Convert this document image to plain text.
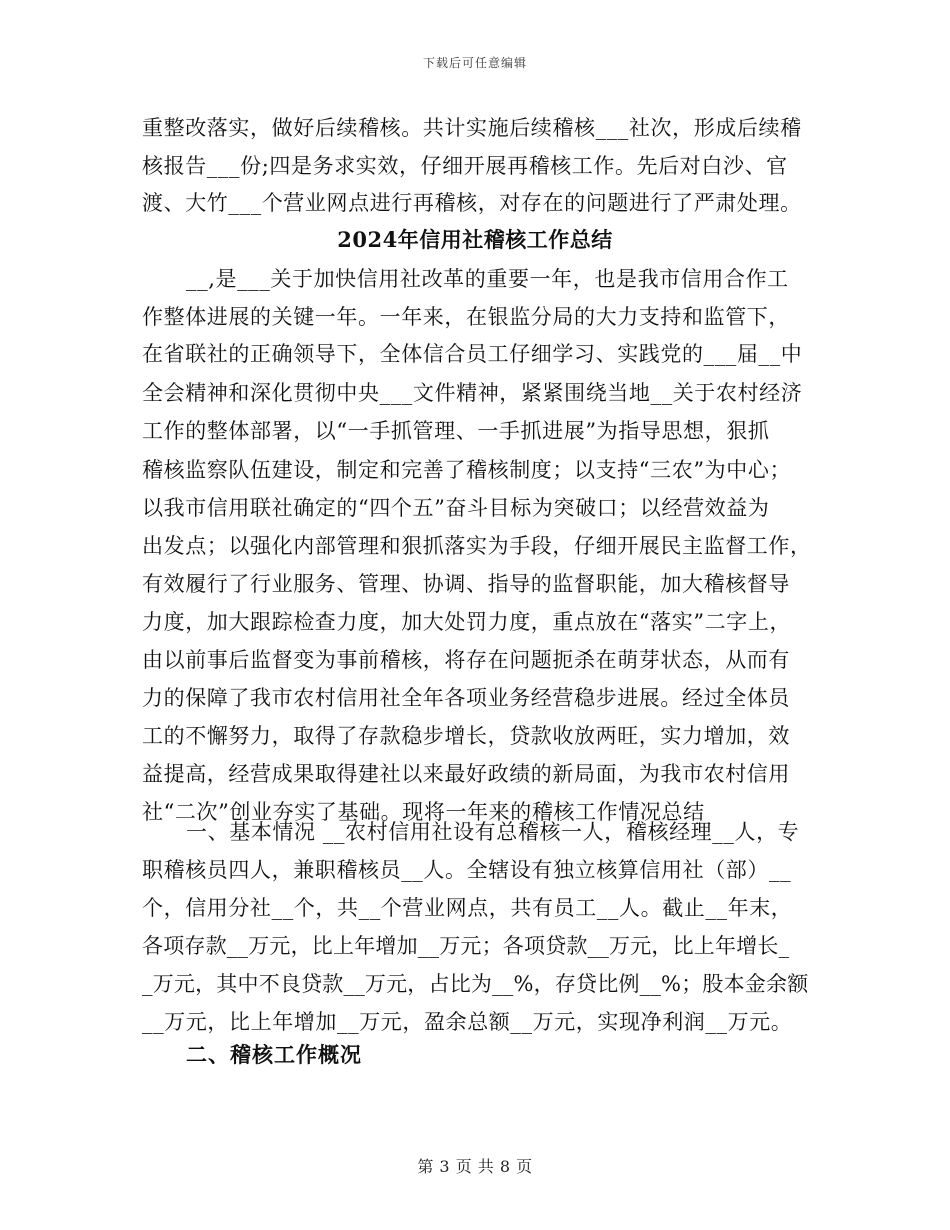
下载后可任意编辑
重整改落实，做好后续稽核。共计实施后续稽核___社次，形成后续稽
核报告___份;四是务求实效，仔细开展再稽核工作。先后对白沙、官
渡、大竹___个营业网点进行再稽核，对存在的问题进行了严肃处理。
2024年信用社稽核工作总结
__,是___关于加快信用社改革的重要一年，也是我市信用合作工
作整体进展的关键一年。一年来，在银监分局的大力支持和监管下，
在省联社的正确领导下，全体信合员工仔细学习、实践党的___届__中
全会精神和深化贯彻中央___文件精神，紧紧围绕当地__关于农村经济
工作的整体部署，以“一手抓管理、一手抓进展”为指导思想，狠抓
稽核监察队伍建设，制定和完善了稽核制度；以支持“三农”为中心；
以我市信用联社确定的“四个五”奋斗目标为突破口；以经营效益为
出发点；以强化内部管理和狠抓落实为手段，仔细开展民主监督工作，
有效履行了行业服务、管理、协调、指导的监督职能，加大稽核督导
力度，加大跟踪检查力度，加大处罚力度，重点放在“落实”二字上，
由以前事后监督变为事前稽核，将存在问题扼杀在萌芽状态，从而有
力的保障了我市农村信用社全年各项业务经营稳步进展。经过全体员
工的不懈努力，取得了存款稳步增长，贷款收放两旺，实力增加，效
益提高，经营成果取得建社以来最好政绩的新局面，为我市农村信用
社“二次”创业夯实了基础。现将一年来的稽核工作情况总结
一、基本情况 __农村信用社设有总稽核一人，稽核经理__人，专
职稽核员四人，兼职稽核员__人。全辖设有独立核算信用社（部）__
个，信用分社__个，共__个营业网点，共有员工__人。截止__年末，
各项存款__万元，比上年增加__万元；各项贷款__万元，比上年增长_
_万元，其中不良贷款__万元，占比为__%，存贷比例__%；股本金余额
二、稽核工作概况
第 3 页 共 8 页
__万元，比上年增加__万元，盈余总额__万元，实现净利润__万元。
